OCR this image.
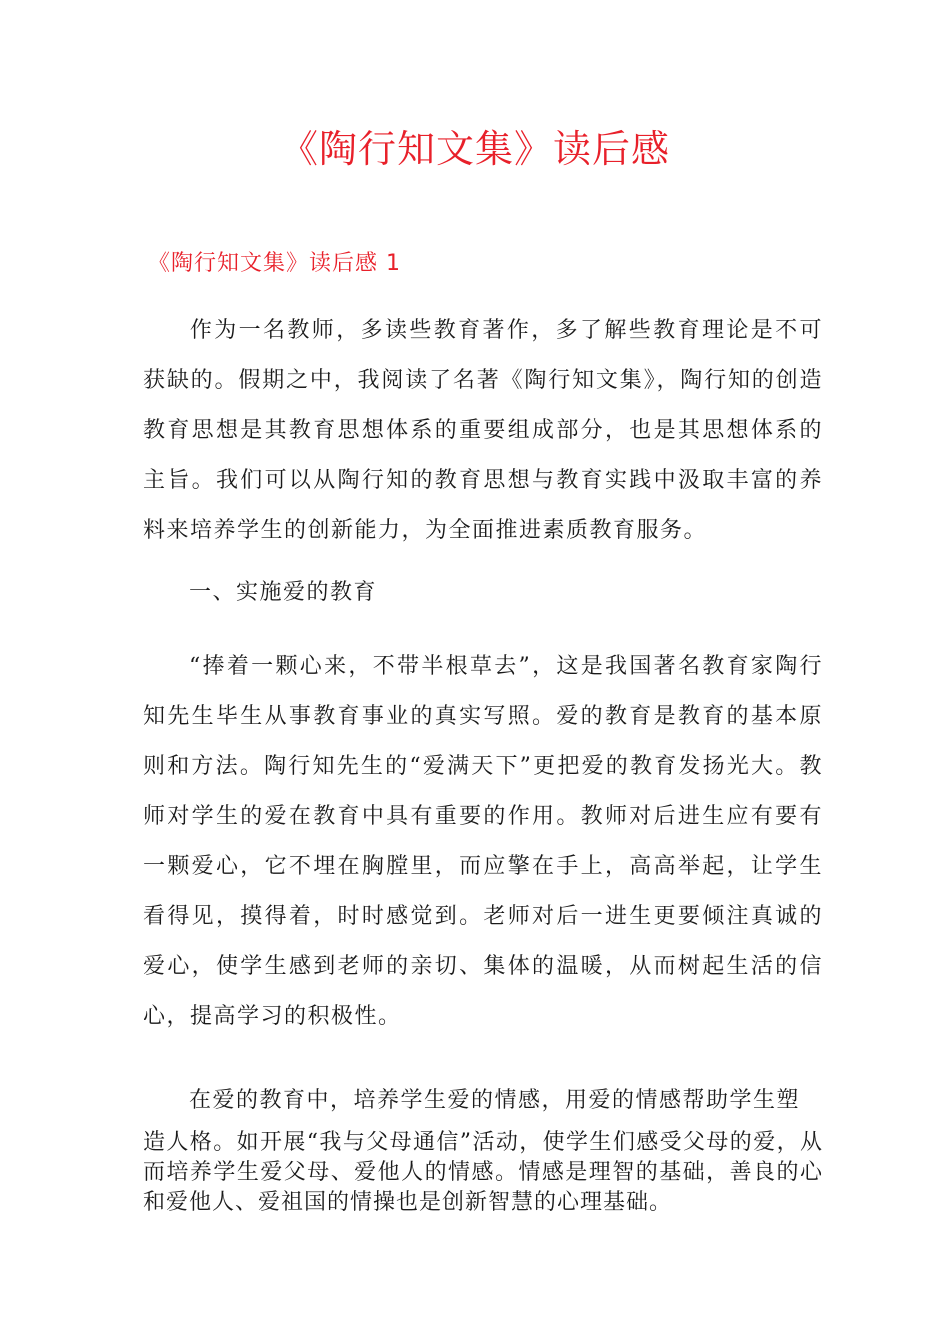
《陶行知文集》读后感
《陶行知文集》读后感 1

作为一名教师，多读些教育著作，多了解些教育理论是不可获缺的。假期之中，我阅读了名著《陶行知文集》，陶行知的创造教育思想是其教育思想体系的重要组成部分，也是其思想体系的主旨。我们可以从陶行知的教育思想与教育实践中汲取丰富的养料来培养学生的创新能力，为全面推进素质教育服务。

一、实施爱的教育

“捧着一颗心来，不带半根草去”，这是我国著名教育家陶行知先生毕生从事教育事业的真实写照。爱的教育是教育的基本原则和方法。陶行知先生的“爱满天下”更把爱的教育发扬光大。教师对学生的爱在教育中具有重要的作用。教师对后进生应有要有一颗爱心，它不埋在胸膛里，而应擎在手上，高高举起，让学生看得见，摸得着，时时感觉到。老师对后一进生更要倾注真诚的爱心，使学生感到老师的亲切、集体的温暖，从而树起生活的信心，提高学习的积极性。

在爱的教育中，培养学生爱的情感，用爱的情感帮助学生塑

造人格。如开展“我与父母通信”活动，使学生们感受父母的爱，从而培养学生爱父母、爱他人的情感。情感是理智的基础，善良的心和爱他人、爱祖国的情操也是创新智慧的心理基础。
